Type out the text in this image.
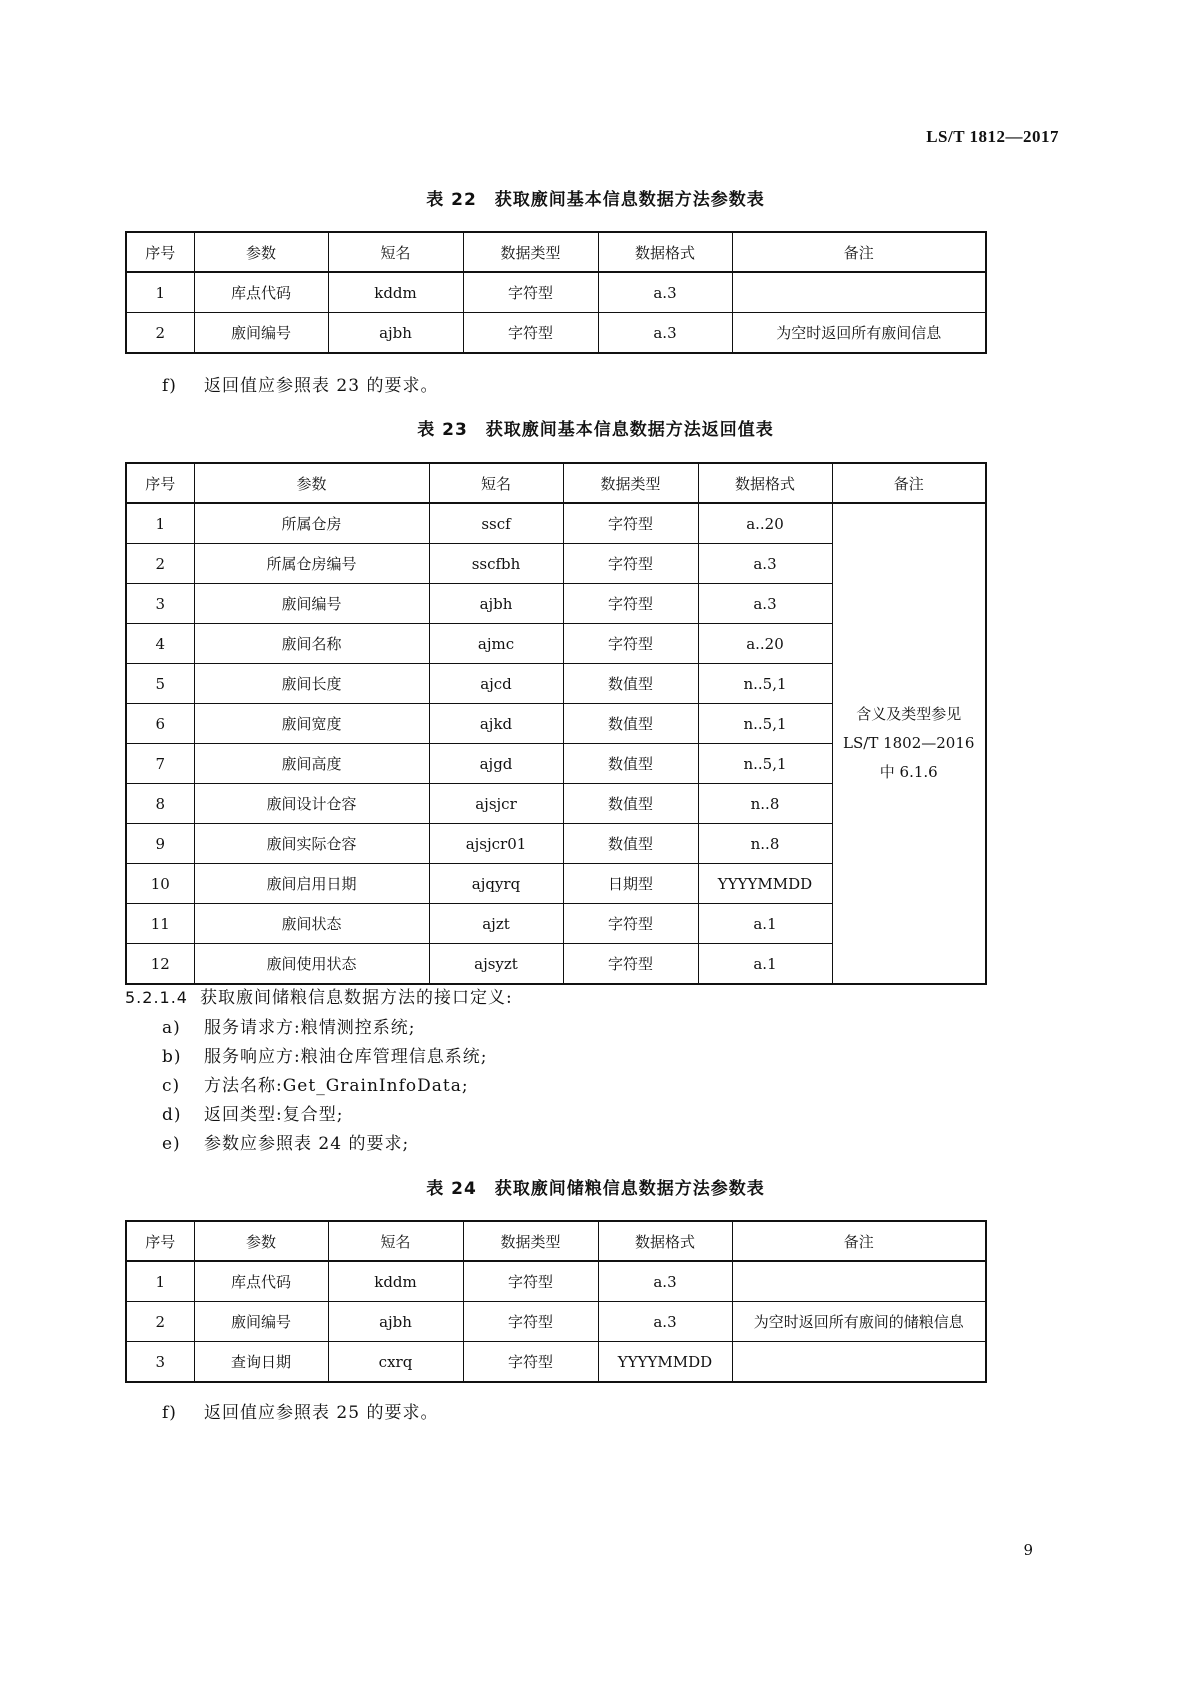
LS/T 1812—2017
表 22 获取廒间基本信息数据方法参数表
序号	参数	短名	数据类型	数据格式	备注
1	库点代码	kddm	字符型	a.3	
2	廒间编号	ajbh	字符型	a.3	为空时返回所有廒间信息
f) 返回值应参照表 23 的要求。
表 23 获取廒间基本信息数据方法返回值表
序号	参数	短名	数据类型	数据格式	备注
1	所属仓房	sscf	字符型	a..20	含义及类型参见
LS/T 1802—2016
中 6.1.6

2	所属仓房编号	sscfbh	字符型	a.3	
3	廒间编号	ajbh	字符型	a.3	
4	廒间名称	ajmc	字符型	a..20	
5	廒间长度	ajcd	数值型	n..5,1	
6	廒间宽度	ajkd	数值型	n..5,1	
7	廒间高度	ajgd	数值型	n..5,1	
8	廒间设计仓容	ajsjcr	数值型	n..8	
9	廒间实际仓容	ajsjcr01	数值型	n..8	
10	廒间启用日期	ajqyrq	日期型	YYYYMMDD	
11	廒间状态	ajzt	字符型	a.1	
12	廒间使用状态	ajsyzt	字符型	a.1	
5.2.1.4 获取廒间储粮信息数据方法的接口定义:
a) 服务请求方:粮情测控系统;
b) 服务响应方:粮油仓库管理信息系统;
c) 方法名称:Get_GrainInfoData;
d) 返回类型:复合型;
e) 参数应参照表 24 的要求;
表 24 获取廒间储粮信息数据方法参数表
序号	参数	短名	数据类型	数据格式	备注
1	库点代码	kddm	字符型	a.3	
2	廒间编号	ajbh	字符型	a.3	为空时返回所有廒间的储粮信息
3	查询日期	cxrq	字符型	YYYYMMDD	
f) 返回值应参照表 25 的要求。
9
